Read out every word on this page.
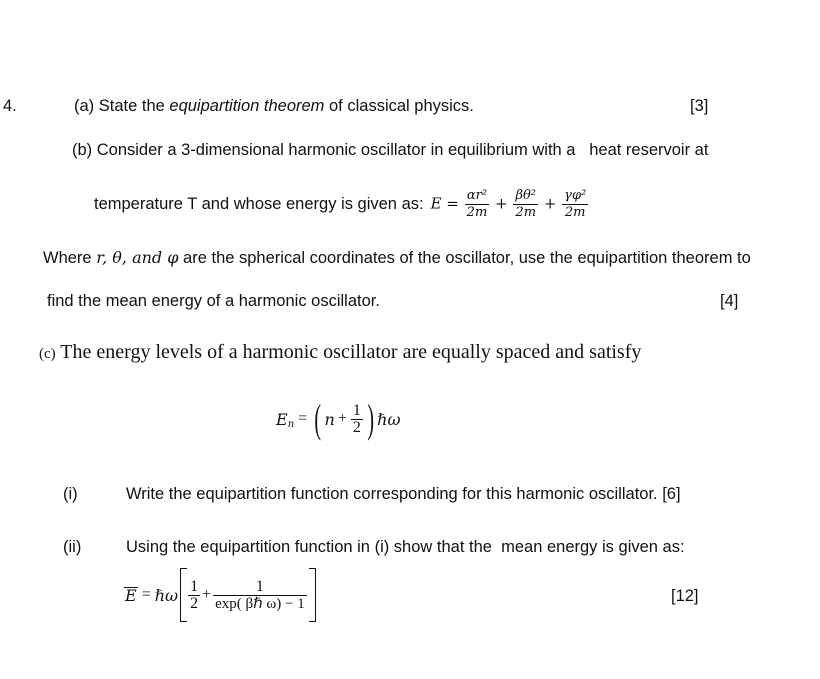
4.	(a) State the equipartition theorem of classical physics.	[3]
(b) Consider a 3-dimensional harmonic oscillator in equilibrium with a   heat reservoir at
temperature T and whose energy is given as: $E = \frac{\text{αr²}}{2m} + \frac{\text{βθ²}}{2m} + \frac{\text{γφ²}}{2m}$
Where r, θ, and φ are the spherical coordinates of the oscillator, use the equipartition theorem to
find the mean energy of a harmonic oscillator.	[4]
(c) The energy levels of a harmonic oscillator are equally spaced and satisfy
$E_n$ = ( $n + \frac{1}{2}$ ) ℏω
(i)	Write the equipartition function corresponding for this harmonic oscillator. [6]
(ii)	Using the equipartition function in (i) show that the  mean energy is given as:
E = ℏω $\frac{1}{2} + \frac{1}{\text{exp( βℏ ω) − 1}}$	[12]
